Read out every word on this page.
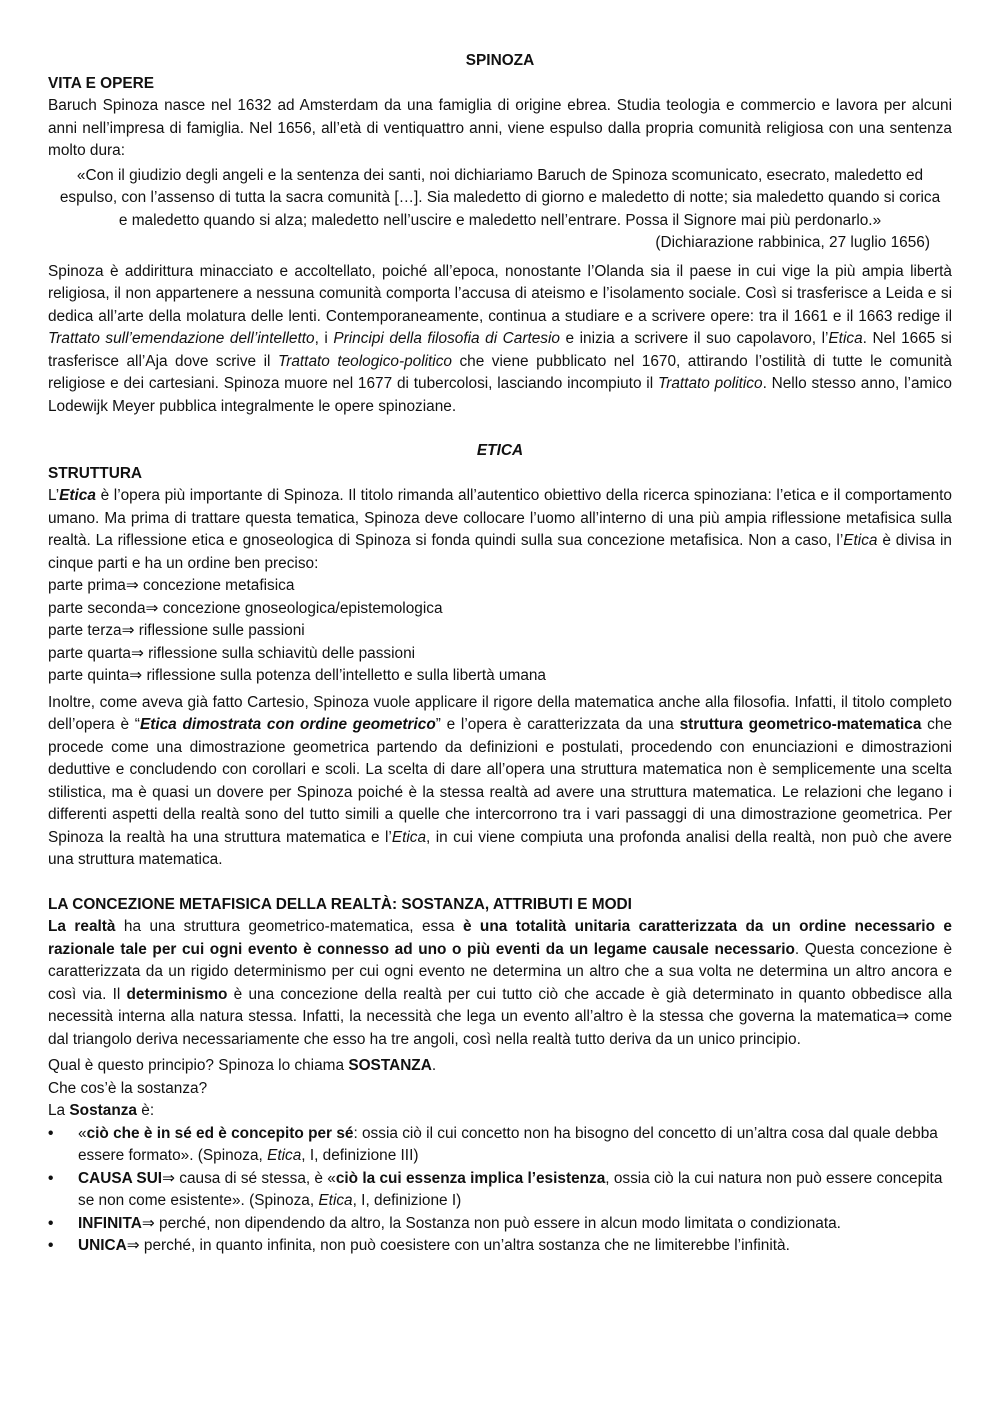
SPINOZA

VITA E OPERE

Baruch Spinoza nasce nel 1632 ad Amsterdam da una famiglia di origine ebrea. Studia teologia e commercio e lavora per alcuni anni nell’impresa di famiglia. Nel 1656, all’età di ventiquattro anni, viene espulso dalla propria comunità religiosa con una sentenza molto dura:

«Con il giudizio degli angeli e la sentenza dei santi, noi dichiariamo Baruch de Spinoza scomunicato, esecrato, maledetto ed espulso, con l’assenso di tutta la sacra comunità […]. Sia maledetto di giorno e maledetto di notte; sia maledetto quando si corica e maledetto quando si alza; maledetto nell’uscire e maledetto nell’entrare. Possa il Signore mai più perdonarlo.»

(Dichiarazione rabbinica, 27 luglio 1656)

Spinoza è addirittura minacciato e accoltellato, poiché all’epoca, nonostante l’Olanda sia il paese in cui vige la più ampia libertà religiosa, il non appartenere a nessuna comunità comporta l’accusa di ateismo e l’isolamento sociale. Così si trasferisce a Leida e si dedica all’arte della molatura delle lenti. Contemporaneamente, continua a studiare e a scrivere opere: tra il 1661 e il 1663 redige il Trattato sull’emendazione dell’intelletto, i Principi della filosofia di Cartesio e inizia a scrivere il suo capolavoro, l’Etica. Nel 1665 si trasferisce all’Aja dove scrive il Trattato teologico-politico che viene pubblicato nel 1670, attirando l’ostilità di tutte le comunità religiose e dei cartesiani. Spinoza muore nel 1677 di tubercolosi, lasciando incompiuto il Trattato politico. Nello stesso anno, l’amico Lodewijk Meyer pubblica integralmente le opere spinoziane.

ETICA

STRUTTURA

L’Etica è l’opera più importante di Spinoza. Il titolo rimanda all’autentico obiettivo della ricerca spinoziana: l’etica e il comportamento umano. Ma prima di trattare questa tematica, Spinoza deve collocare l’uomo all’interno di una più ampia riflessione metafisica sulla realtà. La riflessione etica e gnoseologica di Spinoza si fonda quindi sulla sua concezione metafisica. Non a caso, l’Etica è divisa in cinque parti e ha un ordine ben preciso:

parte prima⇒ concezione metafisica
parte seconda⇒ concezione gnoseologica/epistemologica
parte terza⇒ riflessione sulle passioni
parte quarta⇒ riflessione sulla schiavitù delle passioni
parte quinta⇒ riflessione sulla potenza dell’intelletto e sulla libertà umana

Inoltre, come aveva già fatto Cartesio, Spinoza vuole applicare il rigore della matematica anche alla filosofia. Infatti, il titolo completo dell’opera è “Etica dimostrata con ordine geometrico” e l’opera è caratterizzata da una struttura geometrico-matematica che procede come una dimostrazione geometrica partendo da definizioni e postulati, procedendo con enunciazioni e dimostrazioni deduttive e concludendo con corollari e scoli. La scelta di dare all’opera una struttura matematica non è semplicemente una scelta stilistica, ma è quasi un dovere per Spinoza poiché è la stessa realtà ad avere una struttura matematica. Le relazioni che legano i differenti aspetti della realtà sono del tutto simili a quelle che intercorrono tra i vari passaggi di una dimostrazione geometrica. Per Spinoza la realtà ha una struttura matematica e l’Etica, in cui viene compiuta una profonda analisi della realtà, non può che avere una struttura matematica.

LA CONCEZIONE METAFISICA DELLA REALTÀ: SOSTANZA, ATTRIBUTI E MODI

La realtà ha una struttura geometrico-matematica, essa è una totalità unitaria caratterizzata da un ordine necessario e razionale tale per cui ogni evento è connesso ad uno o più eventi da un legame causale necessario. Questa concezione è caratterizzata da un rigido determinismo per cui ogni evento ne determina un altro che a sua volta ne determina un altro ancora e così via. Il determinismo è una concezione della realtà per cui tutto ciò che accade è già determinato in quanto obbedisce alla necessità interna alla natura stessa. Infatti, la necessità che lega un evento all’altro è la stessa che governa la matematica⇒ come dal triangolo deriva necessariamente che esso ha tre angoli, così nella realtà tutto deriva da un unico principio.

Qual è questo principio? Spinoza lo chiama SOSTANZA.

Che cos’è la sostanza?

La Sostanza è:

• «ciò che è in sé ed è concepito per sé: ossia ciò il cui concetto non ha bisogno del concetto di un’altra cosa dal quale debba essere formato». (Spinoza, Etica, I, definizione III)
• CAUSA SUI⇒ causa di sé stessa, è «ciò la cui essenza implica l’esistenza, ossia ciò la cui natura non può essere concepita se non come esistente». (Spinoza, Etica, I, definizione I)
• INFINITA⇒ perché, non dipendendo da altro, la Sostanza non può essere in alcun modo limitata o condizionata.
• UNICA⇒ perché, in quanto infinita, non può coesistere con un’altra sostanza che ne limiterebbe l’infinità.
